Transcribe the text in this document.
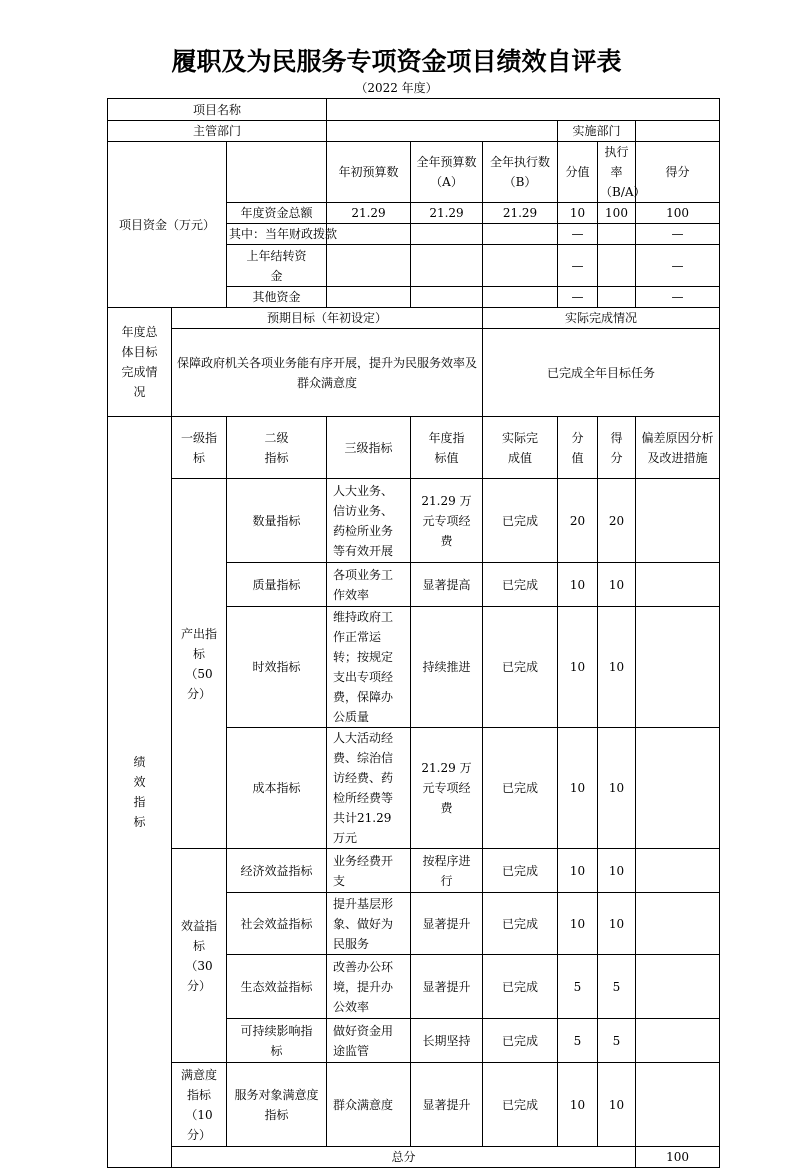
履职及为民服务专项资金项目绩效自评表
（2022 年度）
项目名称									
主管部门						实施部门			
项目资金（万元）			年初预算数	全年预算数（A）	全年执行数（B）	分值	执行率（B/A）	得分	
		年度资金总额	21.29	21.29	21.29	10	100	100	
		其中：当年财政拨款				—		—	
		上年结转资金				—		—	
		其他资金				—		—	
年度总体目标完成情况	预期目标（年初设定）				实际完成情况				
	保障政府机关各项业务能有序开展，提升为民服务效率及群众满意度				已完成全年目标任务				
绩效指标	一级指标	二级指标	三级指标	年度指标值	实际完成值	分值	得分	偏差原因分析及改进措施	
	产出指标（50分）	数量指标	人大业务、信访业务、药检所业务等有效开展	21.29 万元专项经费	已完成	20	20		
		质量指标	各项业务工作效率	显著提高	已完成	10	10		
		时效指标	维持政府工作正常运转；按规定支出专项经费，保障办公质量	持续推进	已完成	10	10		
		成本指标	人大活动经费、综治信访经费、药检所经费等共计21.29 万元	21.29 万元专项经费	已完成	10	10		
	效益指标（30分）	经济效益指标	业务经费开支	按程序进行	已完成	10	10		
		社会效益指标	提升基层形象、做好为民服务	显著提升	已完成	10	10		
		生态效益指标	改善办公环境，提升办公效率	显著提升	已完成	5	5		
		可持续影响指标	做好资金用途监管	长期坚持	已完成	5	5		
	满意度指标（10分）	服务对象满意度指标	群众满意度	显著提升	已完成	10	10		
	总分							100	
